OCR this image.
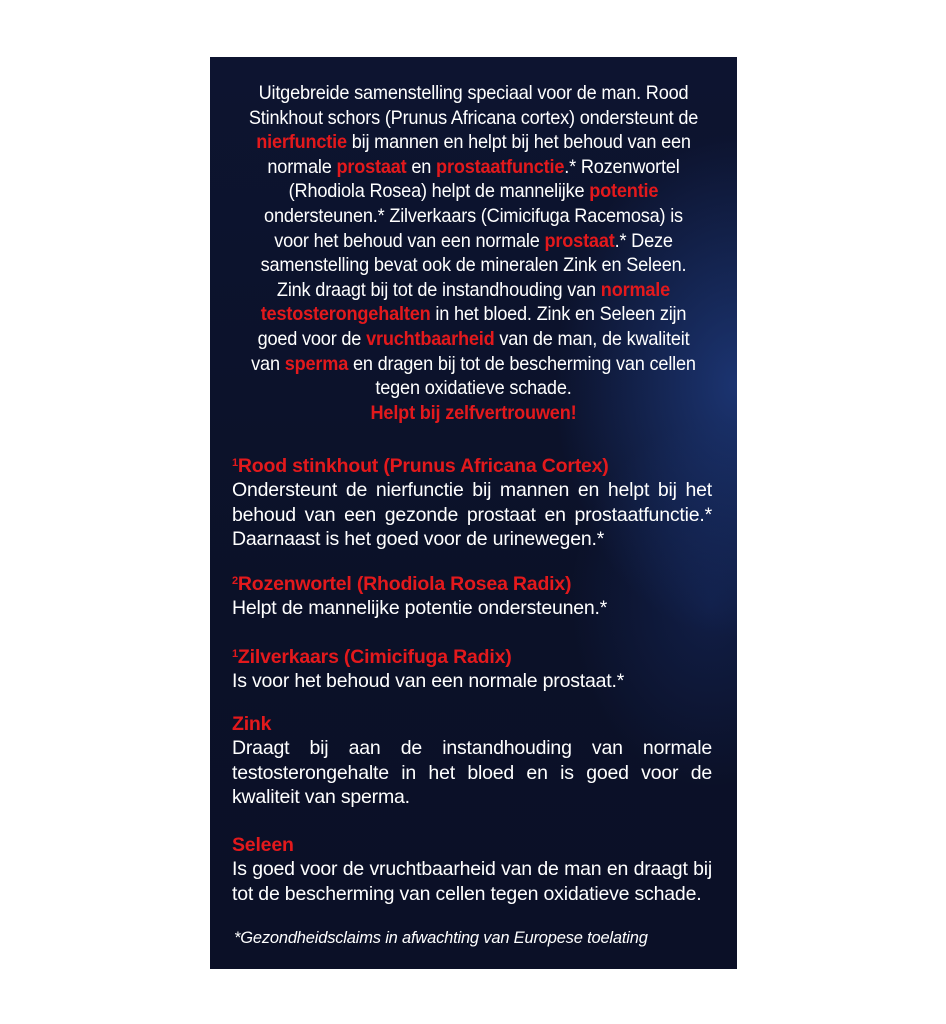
Uitgebreide samenstelling speciaal voor de man. Rood Stinkhout schors (Prunus Africana cortex) ondersteunt de nierfunctie bij mannen en helpt bij het behoud van een normale prostaat en prostaatfunctie.* Rozenwortel (Rhodiola Rosea) helpt de mannelijke potentie ondersteunen.* Zilverkaars (Cimicifuga Racemosa) is voor het behoud van een normale prostaat.* Deze samenstelling bevat ook de mineralen Zink en Seleen. Zink draagt bij tot de instandhouding van normale testosterongehalten in het bloed. Zink en Seleen zijn goed voor de vruchtbaarheid van de man, de kwaliteit van sperma en dragen bij tot de bescherming van cellen tegen oxidatieve schade.
Helpt bij zelfvertrouwen!
$^1$Rood stinkhout (Prunus Africana Cortex)
Ondersteunt de nierfunctie bij mannen en helpt bij het behoud van een gezonde prostaat en prostaatfunctie.* Daarnaast is het goed voor de urinewegen.*
$^2$Rozenwortel (Rhodiola Rosea Radix)
Helpt de mannelijke potentie ondersteunen.*
$^1$Zilverkaars (Cimicifuga Radix)
Is voor het behoud van een normale prostaat.*
Zink
Draagt bij aan de instandhouding van normale testosterongehalte in het bloed en is goed voor de kwaliteit van sperma.
Seleen
Is goed voor de vruchtbaarheid van de man en draagt bij tot de bescherming van cellen tegen oxidatieve schade.
*Gezondheidsclaims in afwachting van Europese toelating
